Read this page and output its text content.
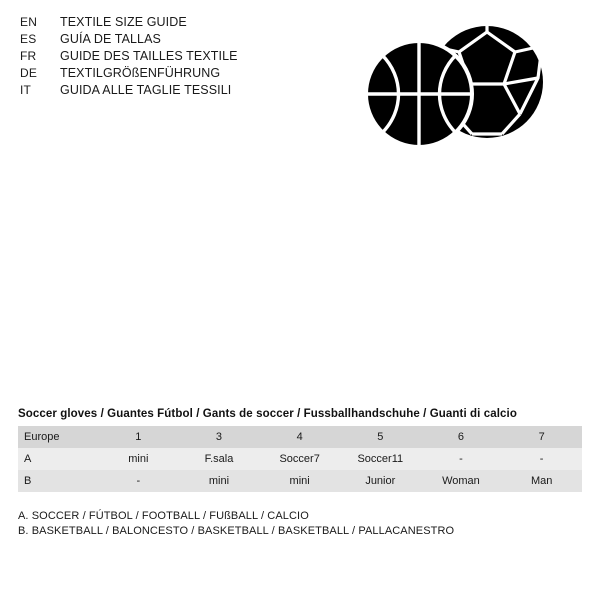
EN	TEXTILE SIZE GUIDE
ES	GUÍA DE TALLAS
FR	GUIDE DES TAILLES TEXTILE
DE	TEXTILGRÖßENFÜHRUNG
IT	GUIDA ALLE TAGLIE TESSILI
Soccer gloves / Guantes Fútbol / Gants de soccer / Fussballhandschuhe / Guanti di calcio
Europe	1	3	4	5	6	7
A	mini	F.sala	Soccer7	Soccer11	-	-
B	-	mini	mini	Junior	Woman	Man
A. SOCCER / FÚTBOL / FOOTBALL / FUßBALL / CALCIO
B. BASKETBALL / BALONCESTO / BASKETBALL / BASKETBALL / PALLACANESTRO
